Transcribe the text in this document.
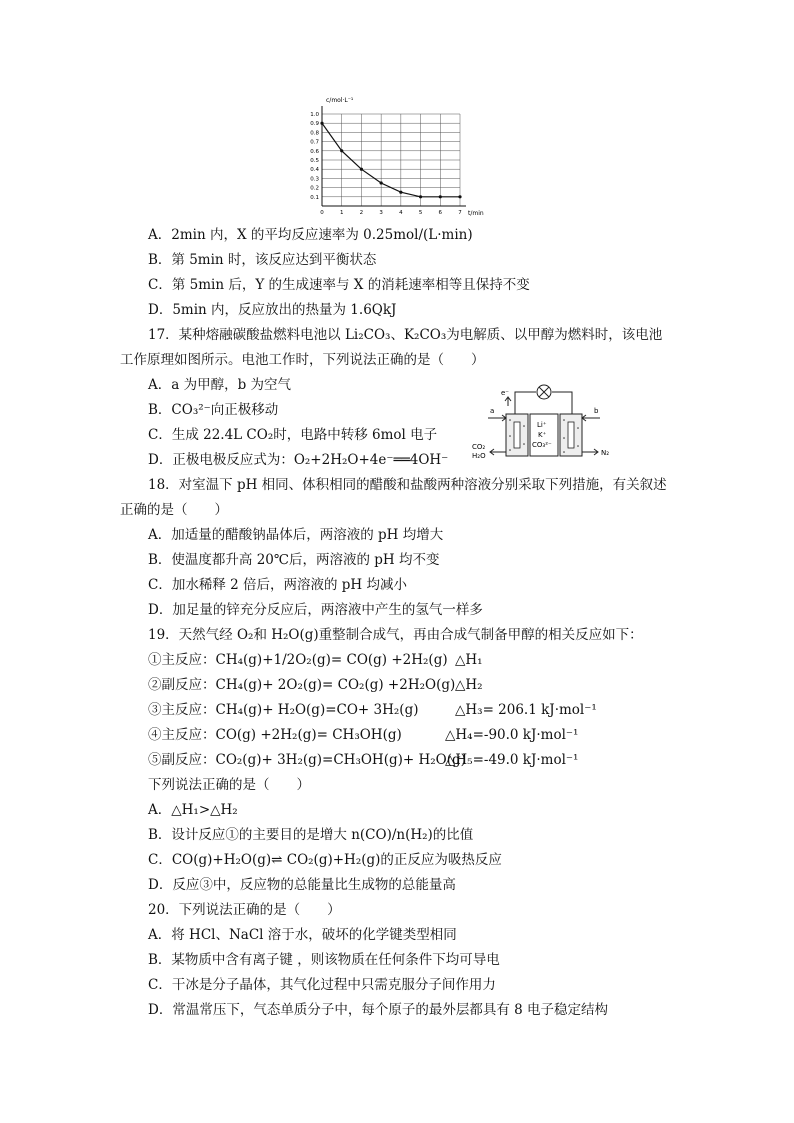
0.1
0.2
0.3
0.4
0.5
0.6
0.7
0.8
0.9
1.0
0	1	2	3	4	5	6	7
c/mol·L⁻¹
t/min
A．2min 内，X 的平均反应速率为 0.25mol/(L·min)
B．第 5min 时，该反应达到平衡状态
C．第 5min 后，Y 的生成速率与 X 的消耗速率相等且保持不变
D．5min 内，反应放出的热量为 1.6QkJ
17．某种熔融碳酸盐燃料电池以 Li₂CO₃、K₂CO₃为电解质、以甲醇为燃料时，该电池
工作原理如图所示。电池工作时，下列说法正确的是（　　）
A．a 为甲醇，b 为空气
B．CO₃²⁻向正极移动
C．生成 22.4L CO₂时，电路中转移 6mol 电子
D．正极电极反应式为：O₂+2H₂O+4e⁻══4OH⁻
e⁻
Li⁺
K⁺
CO₃²⁻
a	b
CO₂
H₂O	N₂
18．对室温下 pH 相同、体积相同的醋酸和盐酸两种溶液分别采取下列措施，有关叙述
正确的是（　　）
A．加适量的醋酸钠晶体后，两溶液的 pH 均增大
B．使温度都升高 20℃后，两溶液的 pH 均不变
C．加水稀释 2 倍后，两溶液的 pH 均减小
D．加足量的锌充分反应后，两溶液中产生的氢气一样多
19．天然气经 O₂和 H₂O(g)重整制合成气，再由合成气制备甲醇的相关反应如下：
①主反应：CH₄(g)+1/2O₂(g)= CO(g) +2H₂(g) △H₁
②副反应：CH₄(g)+ 2O₂(g)= CO₂(g) +2H₂O(g) △H₂
③主反应：CH₄(g)+ H₂O(g)=CO+ 3H₂(g)	△H₃= 206.1 kJ·mol⁻¹
④主反应：CO(g) +2H₂(g)= CH₃OH(g)	△H₄=-90.0 kJ·mol⁻¹
⑤副反应：CO₂(g)+ 3H₂(g)=CH₃OH(g)+ H₂O(g)
△H₅=-49.0 kJ·mol⁻¹
下列说法正确的是（　　）
A．△H₁>△H₂
B．设计反应①的主要目的是增大 n(CO)/n(H₂)的比值
C．CO(g)+H₂O(g)⇌ CO₂(g)+H₂(g)的正反应为吸热反应
D．反应③中，反应物的总能量比生成物的总能量高
20．下列说法正确的是（　　）
A．将 HCl、NaCl 溶于水，破坏的化学键类型相同
B．某物质中含有离子键 ，则该物质在任何条件下均可导电
C．干冰是分子晶体，其气化过程中只需克服分子间作用力
D．常温常压下，气态单质分子中，每个原子的最外层都具有 8 电子稳定结构
